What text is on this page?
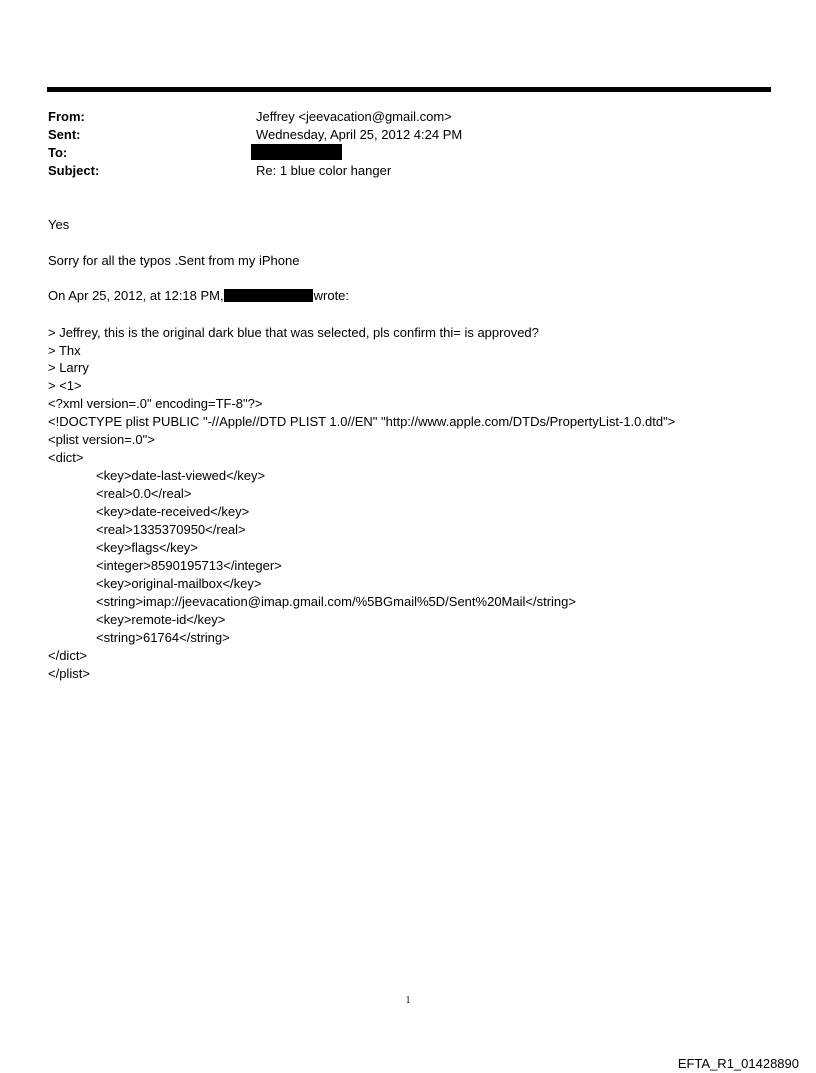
From:	Jeffrey <jeevacation@gmail.com>
Sent:	Wednesday, April 25, 2012 4:24 PM
To:
Subject:	Re: 1 blue color hanger
Yes
Sorry for all the typos .Sent from my iPhone
On Apr 25, 2012, at 12:18 PM,	wrote:
> Jeffrey, this is the original dark blue that was selected, pls confirm thi= is approved?
> Thx
> Larry
> <1>
<?xml version=.0" encoding=TF-8"?>
<!DOCTYPE plist PUBLIC "-//Apple//DTD PLIST 1.0//EN" "http://www.apple.com/DTDs/PropertyList-1.0.dtd">
<plist version=.0">
<dict>
<key>date-last-viewed</key>
<real>0.0</real>
<key>date-received</key>
<real>1335370950</real>
<key>flags</key>
<integer>8590195713</integer>
<key>original-mailbox</key>
<string>imap://jeevacation@imap.gmail.com/%5BGmail%5D/Sent%20Mail</string>
<key>remote-id</key>
<string>61764</string>
</dict>
</plist>
1
EFTA_R1_01428890
